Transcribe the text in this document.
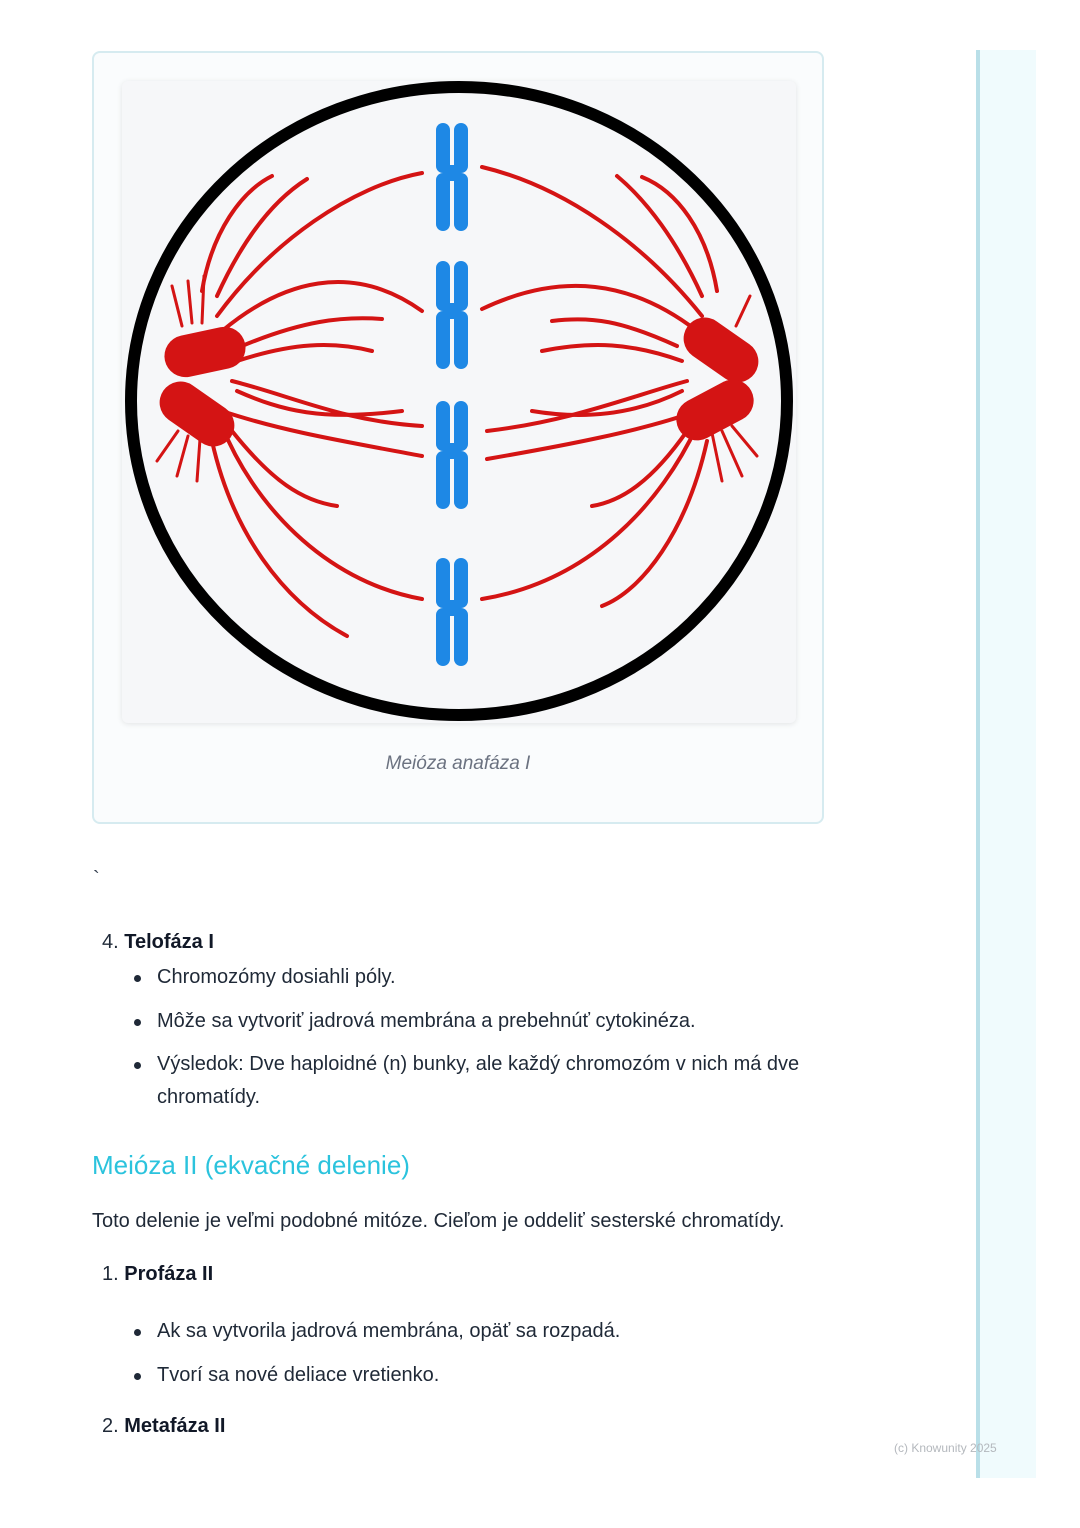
Meióza anafáza I
`
4. Telofáza I
Chromozómy dosiahli póly.
Môže sa vytvoriť jadrová membrána a prebehnúť cytokinéza.
Výsledok: Dve haploidné (n) bunky, ale každý chromozóm v nich má dve chromatídy.
Meióza II (ekvačné delenie)
Toto delenie je veľmi podobné mitóze. Cieľom je oddeliť sesterské chromatídy.
1. Profáza II
Ak sa vytvorila jadrová membrána, opäť sa rozpadá.
Tvorí sa nové deliace vretienko.
2. Metafáza II
(c) Knowunity 2025
